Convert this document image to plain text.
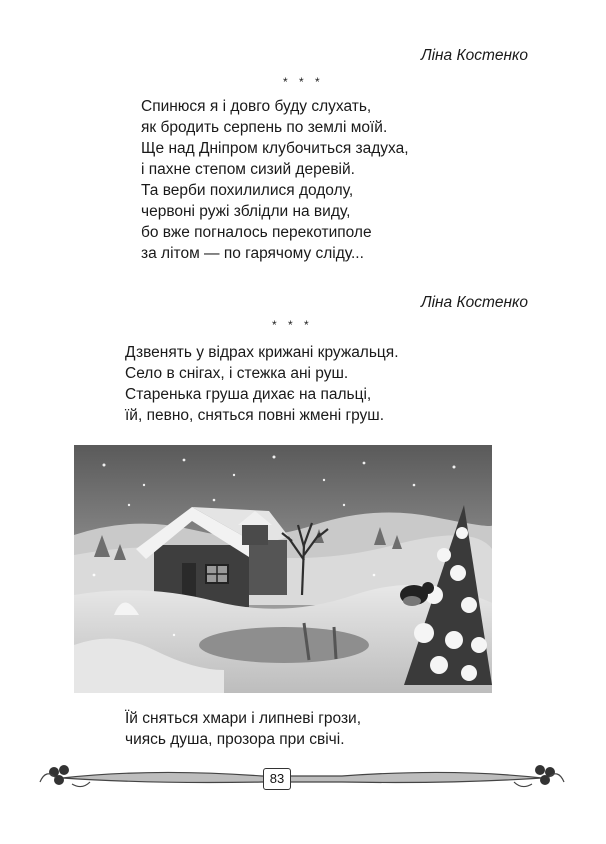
Ліна Костенко
* * *
Спинюся я і довго буду слухать,
як бродить серпень по землі моїй.
Ще над Дніпром клубочиться задуха,
і пахне степом сизий деревій.
Та верби похилилися додолу,
червоні ружі зблідли на виду,
бо вже погналось перекотиполе
за літом — по гарячому сліду...
Ліна Костенко
* * *
Дзвенять у відрах крижані кружальця.
Село в снігах, і стежка ані руш.
Старенька груша дихає на пальці,
їй, певно, сняться повні жмені груш.
Їй сняться хмари і липневі грози,
чиясь душа, прозора при свічі.
83
